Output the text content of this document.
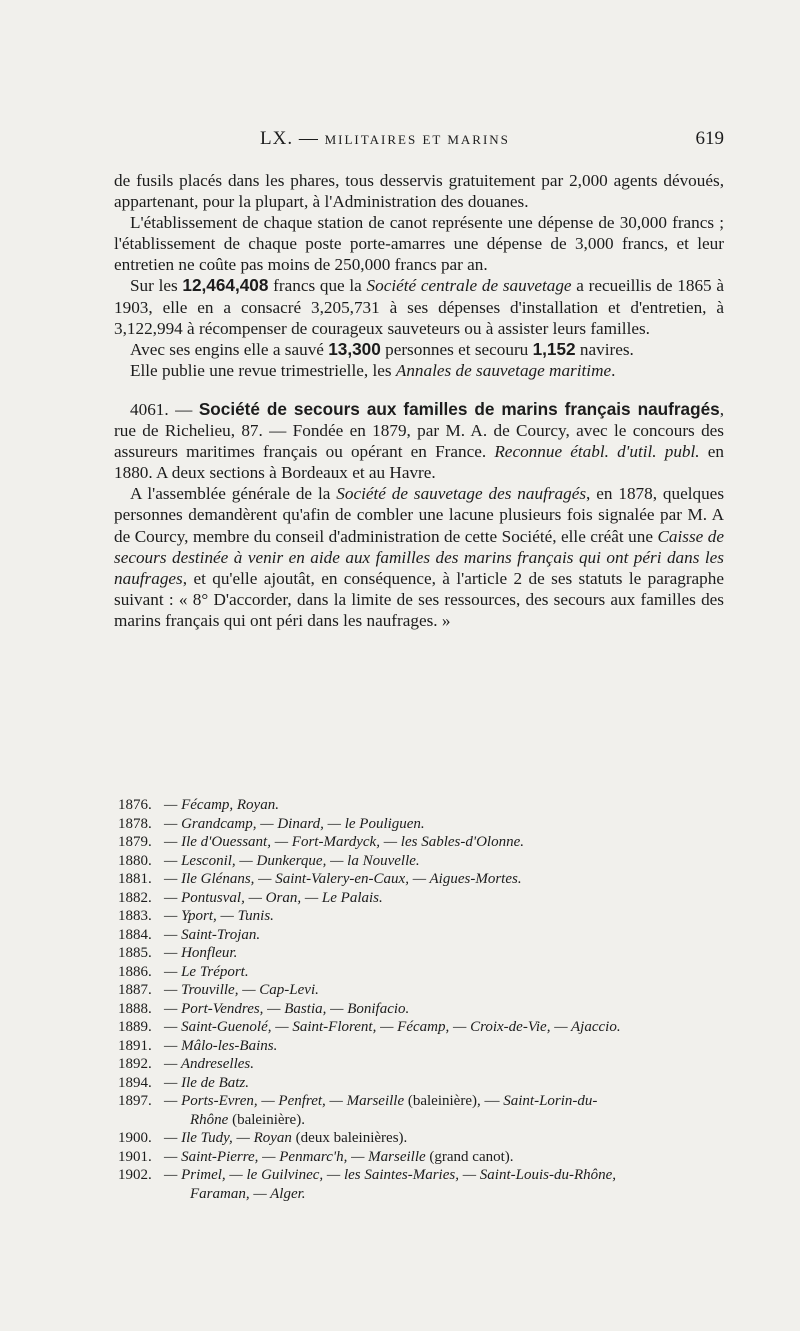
LX. — MILITAIRES ET MARINS	619

de fusils placés dans les phares, tous desservis gratuitement par 2,000 agents dévoués, appartenant, pour la plupart, à l'Administration des douanes.

L'établissement de chaque station de canot représente une dépense de 30,000 francs ; l'établissement de chaque poste porte-amarres une dépense de 3,000 francs, et leur entretien ne coûte pas moins de 250,000 francs par an.

Sur les 12,464,408 francs que la Société centrale de sauvetage a recueillis de 1865 à 1903, elle en a consacré 3,205,731 à ses dépenses d'installation et d'entretien, à 3,122,994 à récompenser de courageux sauveteurs ou à assister leurs familles.

Avec ses engins elle a sauvé 13,300 personnes et secouru 1,152 navires.

Elle publie une revue trimestrielle, les Annales de sauvetage maritime.

4061. — Société de secours aux familles de marins français naufragés, rue de Richelieu, 87. — Fondée en 1879, par M. A. de Courcy, avec le concours des assureurs maritimes français ou opérant en France. Reconnue établ. d'util. publ. en 1880. A deux sections à Bordeaux et au Havre.

A l'assemblée générale de la Société de sauvetage des naufragés, en 1878, quelques personnes demandèrent qu'afin de combler une lacune plusieurs fois signalée par M. A de Courcy, membre du conseil d'administration de cette Société, elle créât une Caisse de secours destinée à venir en aide aux familles des marins français qui ont péri dans les naufrages, et qu'elle ajoutât, en conséquence, à l'article 2 de ses statuts le paragraphe suivant : « 8° D'accorder, dans la limite de ses ressources, des secours aux familles des marins français qui ont péri dans les naufrages. »

1876. — Fécamp, Royan.
1878. — Grandcamp, — Dinard, — le Pouliguen.
1879. — Ile d'Ouessant, — Fort-Mardyck, — les Sables-d'Olonne.
1880. — Lesconil, — Dunkerque, — la Nouvelle.
1881. — Ile Glénans, — Saint-Valery-en-Caux, — Aigues-Mortes.
1882. — Pontusval, — Oran, — Le Palais.
1883. — Yport, — Tunis.
1884. — Saint-Trojan.
1885. — Honfleur.
1886. — Le Tréport.
1887. — Trouville, — Cap-Levi.
1888. — Port-Vendres, — Bastia, — Bonifacio.
1889. — Saint-Guenolé, — Saint-Florent, — Fécamp, — Croix-de-Vie, — Ajaccio.
1891. — Mâlo-les-Bains.
1892. — Andreselles.
1894. — Ile de Batz.
1897. — Ports-Evren, — Penfret, — Marseille (baleinière), — Saint-Lorin-du-
Rhône (baleinière).
1900. — Ile Tudy, — Royan (deux baleinières).
1901. — Saint-Pierre, — Penmarc'h, — Marseille (grand canot).
1902. — Primel, — le Guilvinec, — les Saintes-Maries, — Saint-Louis-du-Rhône,
Faraman, — Alger.
